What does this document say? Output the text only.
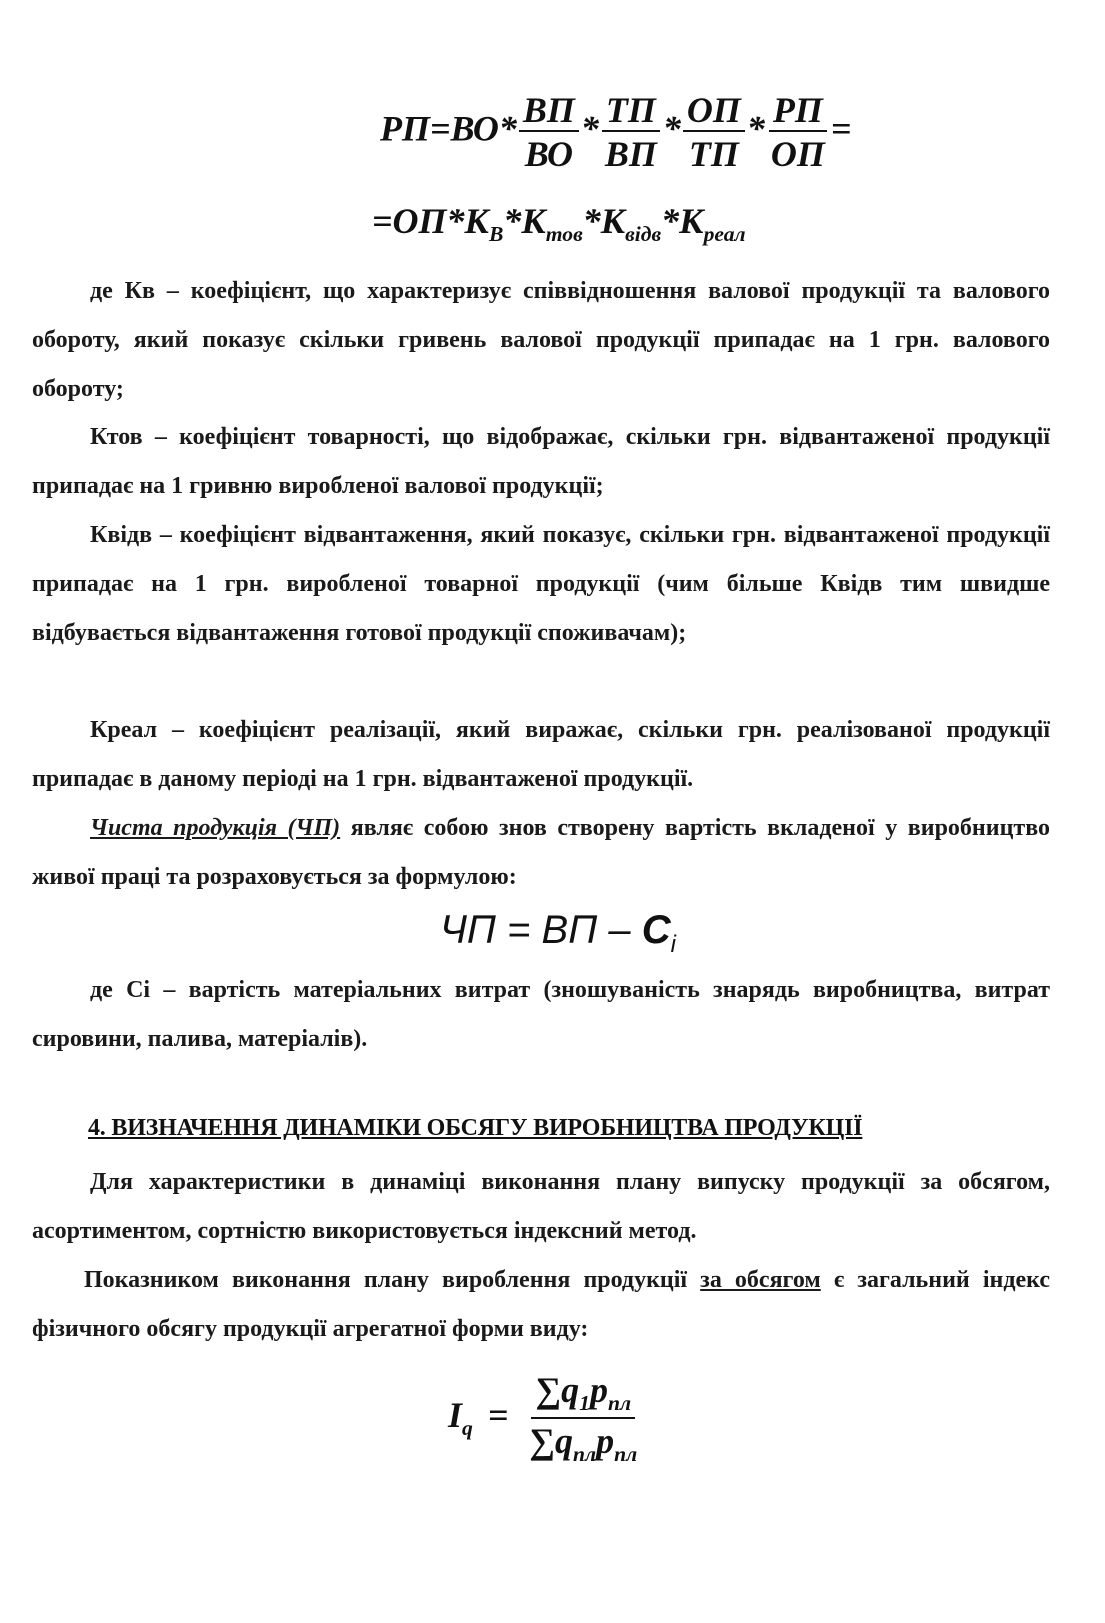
$РП=ВО* \frac{ВП}{ВО} * \frac{ТП}{ВП} * \frac{ОП}{ТП} * \frac{РП}{ОП}$ =
$=ОП*К_В*К_{тов}*К_{відв}*К_{реал}$

де Кв – коефіцієнт, що характеризує співвідношення валової продукції та валового обороту, який показує скільки гривень валової продукції припадає на 1 грн. валового обороту;

Ктов – коефіцієнт товарності, що відображає, скільки грн. відвантаженої продукції припадає на 1 гривню виробленої валової продукції;

Квідв – коефіцієнт відвантаження, який показує, скільки грн. відвантаженої продукції припадає на 1 грн. виробленої товарної продукції (чим більше Квідв тим швидше відбувається відвантаження готової продукції споживачам);

Креал – коефіцієнт реалізації, який виражає, скільки грн. реалізованої продукції припадає в даному періоді на 1 грн. відвантаженої продукції.

Чиста продукція (ЧП) являє собою знов створену вартість вкладеної у виробництво живої праці та розраховується за формулою:

ЧП = ВП – $С_i$

де Сі – вартість матеріальних витрат (зношуваність знарядь виробництва, витрат сировини, палива, матеріалів).

4. ВИЗНАЧЕННЯ ДИНАМІКИ ОБСЯГУ ВИРОБНИЦТВА ПРОДУКЦІЇ

Для характеристики в динаміці виконання плану випуску продукції за обсягом, асортиментом, сортністю використовується індексний метод.

Показником виконання плану вироблення продукції за обсягом є загальний індекс фізичного обсягу продукції агрегатної форми виду:

$I_q = \frac{\sum q_1p_{пл}}{\sum q_{пл}p_{пл}}$
